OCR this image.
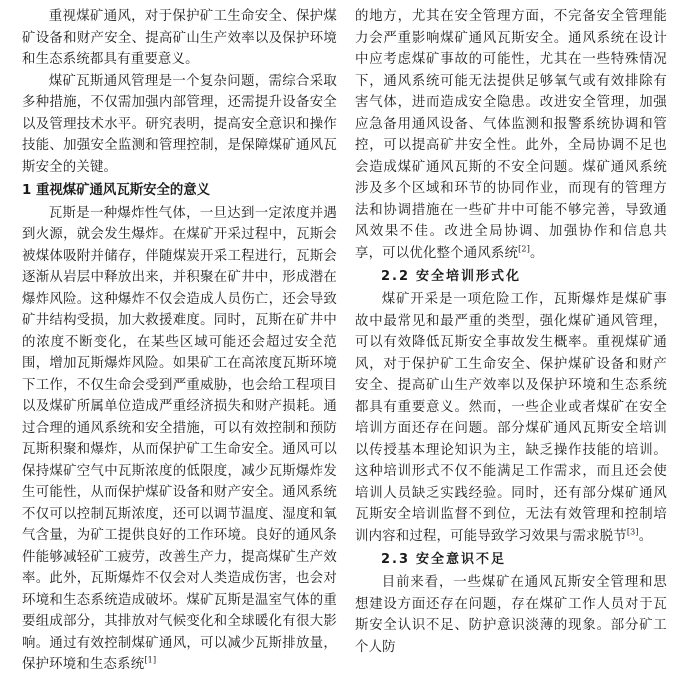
重视煤矿通风，对于保护矿工生命安全、保护煤矿设备和财产安全、提高矿山生产效率以及保护环境和生态系统都具有重要意义。

煤矿瓦斯通风管理是一个复杂问题，需综合采取多种措施，不仅需加强内部管理，还需提升设备安全以及管理技术水平。研究表明，提高安全意识和操作技能、加强安全监测和管理控制，是保障煤矿通风瓦斯安全的关键。

1 重视煤矿通风瓦斯安全的意义

瓦斯是一种爆炸性气体，一旦达到一定浓度并遇到火源，就会发生爆炸。在煤矿开采过程中，瓦斯会被煤体吸附并储存，伴随煤炭开采工程进行，瓦斯会逐渐从岩层中释放出来，并积聚在矿井中，形成潜在爆炸风险。这种爆炸不仅会造成人员伤亡，还会导致矿井结构受损，加大救援难度。同时，瓦斯在矿井中的浓度不断变化，在某些区域可能还会超过安全范围，增加瓦斯爆炸风险。如果矿工在高浓度瓦斯环境下工作，不仅生命会受到严重威胁，也会给工程项目以及煤矿所属单位造成严重经济损失和财产损耗。通过合理的通风系统和安全措施，可以有效控制和预防瓦斯积聚和爆炸，从而保护矿工生命安全。通风可以保持煤矿空气中瓦斯浓度的低限度，减少瓦斯爆炸发生可能性，从而保护煤矿设备和财产安全。通风系统不仅可以控制瓦斯浓度，还可以调节温度、湿度和氧气含量，为矿工提供良好的工作环境。良好的通风条件能够减轻矿工疲劳，改善生产力，提高煤矿生产效率。此外，瓦斯爆炸不仅会对人类造成伤害，也会对环境和生态系统造成破坏。煤矿瓦斯是温室气体的重要组成部分，其排放对气候变化和全球暖化有很大影响。通过有效控制煤矿通风，可以减少瓦斯排放量，保护环境和生态系统[1]

的地方，尤其在安全管理方面，不完备安全管理能力会严重影响煤矿通风瓦斯安全。通风系统在设计中应考虑煤矿事故的可能性，尤其在一些特殊情况下，通风系统可能无法提供足够氧气或有效排除有害气体，进而造成安全隐患。改进安全管理，加强应急备用通风设备、气体监测和报警系统协调和管控，可以提高矿井安全性。此外，全局协调不足也会造成煤矿通风瓦斯的不安全问题。煤矿通风系统涉及多个区域和环节的协同作业，而现有的管理方法和协调措施在一些矿井中可能不够完善，导致通风效果不佳。改进全局协调、加强协作和信息共享，可以优化整个通风系统[2]。

2.2 安全培训形式化

煤矿开采是一项危险工作，瓦斯爆炸是煤矿事故中最常见和最严重的类型，强化煤矿通风管理，可以有效降低瓦斯安全事故发生概率。重视煤矿通风，对于保护矿工生命安全、保护煤矿设备和财产安全、提高矿山生产效率以及保护环境和生态系统都具有重要意义。然而，一些企业或者煤矿在安全培训方面还存在问题。部分煤矿通风瓦斯安全培训以传授基本理论知识为主，缺乏操作技能的培训。这种培训形式不仅不能满足工作需求，而且还会使培训人员缺乏实践经验。同时，还有部分煤矿通风瓦斯安全培训监督不到位，无法有效管理和控制培训内容和过程，可能导致学习效果与需求脱节[3]。

2.3 安全意识不足

目前来看，一些煤矿在通风瓦斯安全管理和思想建设方面还存在问题，存在煤矿工作人员对于瓦斯安全认识不足、防护意识淡薄的现象。部分矿工个人防
